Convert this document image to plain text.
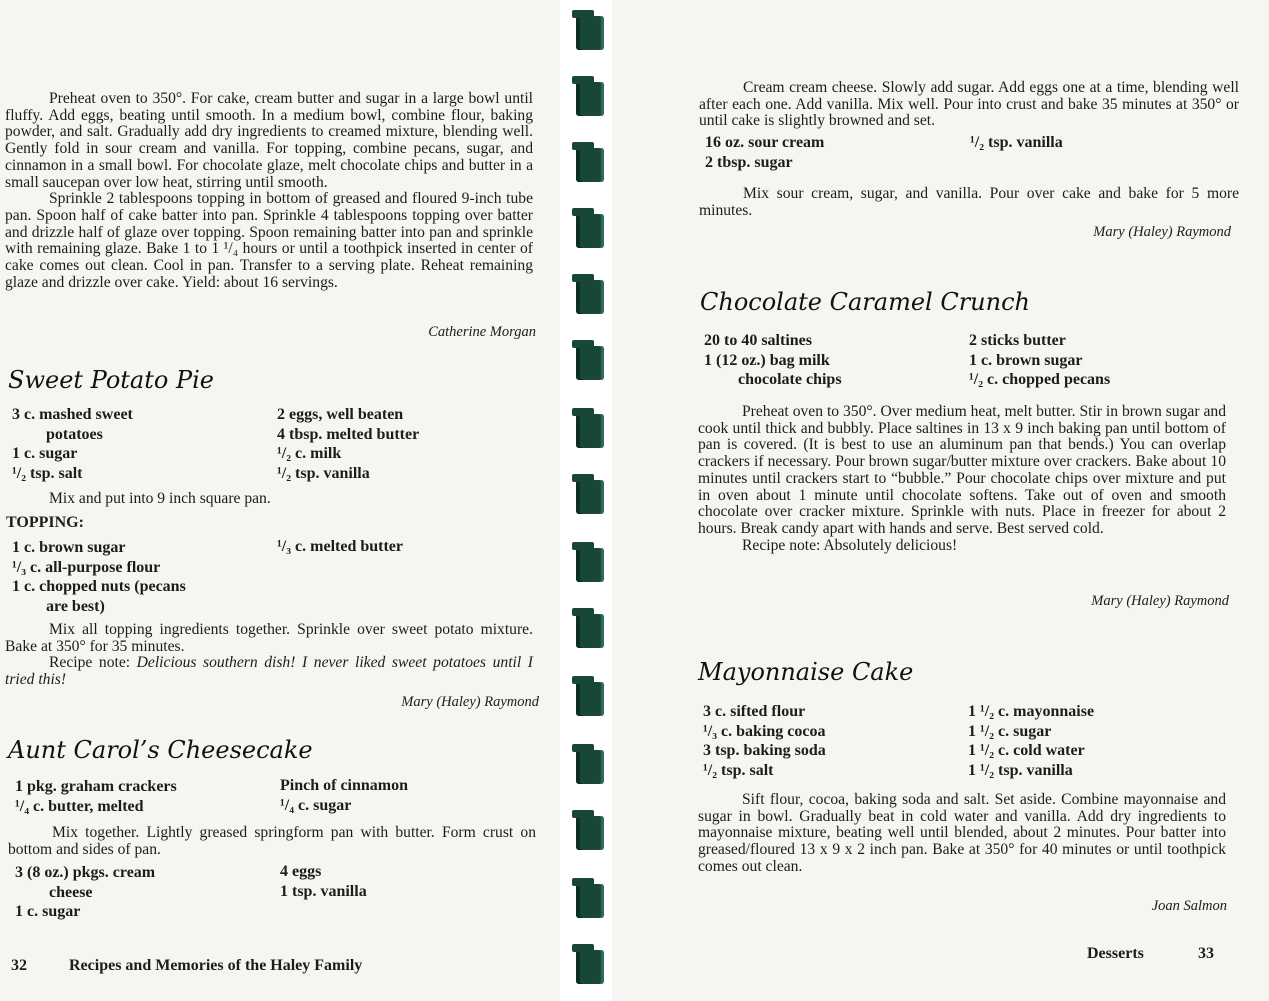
Preheat oven to 350°. For cake, cream butter and sugar in a large bowl until fluffy. Add eggs, beating until smooth. In a medium bowl, combine flour, baking powder, and salt. Gradually add dry ingredients to creamed mixture, blending well. Gently fold in sour cream and vanilla. For topping, combine pecans, sugar, and cinnamon in a small bowl. For chocolate glaze, melt chocolate chips and butter in a small saucepan over low heat, stirring until smooth.

Sprinkle 2 tablespoons topping in bottom of greased and floured 9-inch tube pan. Spoon half of cake batter into pan. Sprinkle 4 tablespoons topping over batter and drizzle half of glaze over topping. Spoon remaining batter into pan and sprinkle with remaining glaze. Bake 1 to 1 ¹/₄ hours or until a toothpick inserted in center of cake comes out clean. Cool in pan. Transfer to a serving plate. Reheat remaining glaze and drizzle over cake. Yield: about 16 servings.

Catherine Morgan
Sweet Potato Pie
3 c. mashed sweet
potatoes
1 c. sugar
¹/₂ tsp. salt
2 eggs, well beaten
4 tbsp. melted butter
¹/₂ c. milk
¹/₂ tsp. vanilla

Mix and put into 9 inch square pan.

TOPPING:
1 c. brown sugar
¹/₃ c. all-purpose flour
1 c. chopped nuts (pecans
are best)
¹/₃ c. melted butter

Mix all topping ingredients together. Sprinkle over sweet potato mixture. Bake at 350° for 35 minutes.

Recipe note: Delicious southern dish! I never liked sweet potatoes until I tried this!

Mary (Haley) Raymond
Aunt Carol’s Cheesecake
1 pkg. graham crackers
¹/₄ c. butter, melted
Pinch of cinnamon
¹/₄ c. sugar

Mix together. Lightly greased springform pan with butter. Form crust on bottom and sides of pan.

3 (8 oz.) pkgs. cream
cheese
1 c. sugar
4 eggs
1 tsp. vanilla
32	Recipes and Memories of the Haley Family

Cream cream cheese. Slowly add sugar. Add eggs one at a time, blending well after each one. Add vanilla. Mix well. Pour into crust and bake 35 minutes at 350° or until cake is slightly browned and set.

16 oz. sour cream
2 tbsp. sugar
¹/₂ tsp. vanilla

Mix sour cream, sugar, and vanilla. Pour over cake and bake for 5 more minutes.

Mary (Haley) Raymond
Chocolate Caramel Crunch
20 to 40 saltines
1 (12 oz.) bag milk
chocolate chips
2 sticks butter
1 c. brown sugar
¹/₂ c. chopped pecans

Preheat oven to 350°. Over medium heat, melt butter. Stir in brown sugar and cook until thick and bubbly. Place saltines in 13 x 9 inch baking pan until bottom of pan is covered. (It is best to use an aluminum pan that bends.) You can overlap crackers if necessary. Pour brown sugar/butter mixture over crackers. Bake about 10 minutes until crackers start to “bubble.” Pour chocolate chips over mixture and put in oven about 1 minute until chocolate softens. Take out of oven and smooth chocolate over cracker mixture. Sprinkle with nuts. Place in freezer for about 2 hours. Break candy apart with hands and serve. Best served cold.

Recipe note: Absolutely delicious!

Mary (Haley) Raymond
Mayonnaise Cake
3 c. sifted flour
¹/₃ c. baking cocoa
3 tsp. baking soda
¹/₂ tsp. salt
1 ¹/₂ c. mayonnaise
1 ¹/₂ c. sugar
1 ¹/₂ c. cold water
1 ¹/₂ tsp. vanilla

Sift flour, cocoa, baking soda and salt. Set aside. Combine mayonnaise and sugar in bowl. Gradually beat in cold water and vanilla. Add dry ingredients to mayonnaise mixture, beating well until blended, about 2 minutes. Pour batter into greased/floured 13 x 9 x 2 inch pan. Bake at 350° for 40 minutes or until toothpick comes out clean.

Joan Salmon
Desserts	33
